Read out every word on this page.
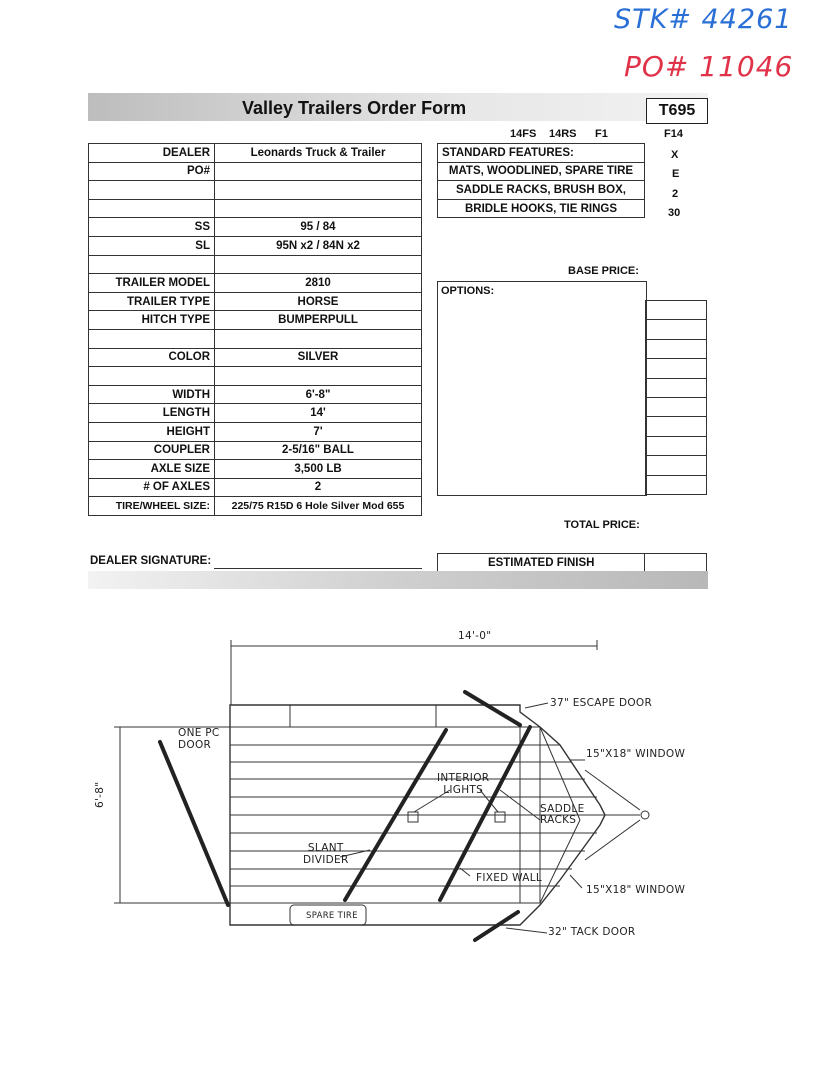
STK# 44261
PO# 11046
Valley Trailers Order Form	T695
14FS 14RS F1	F14
DEALER	Leonards Truck & Trailer
PO#	

SS	95 / 84
SL	95N x2 / 84N x2

TRAILER MODEL	2810
TRAILER TYPE	HORSE
HITCH TYPE	BUMPERPULL

COLOR	SILVER

WIDTH	6'-8"
LENGTH	14'
HEIGHT	7'
COUPLER	2-5/16" BALL
AXLE SIZE	3,500 LB
# OF AXLES	2
TIRE/WHEEL SIZE:	225/75 R15D 6 Hole Silver Mod 655
DEALER SIGNATURE:
STANDARD FEATURES:
MATS, WOODLINED, SPARE TIRE
SADDLE RACKS, BRUSH BOX,
BRIDLE HOOKS, TIE RINGS
X
E
2
30
BASE PRICE:
OPTIONS:

TOTAL PRICE:
ESTIMATED FINISH	
14'-0"
6'-8"
37" ESCAPE DOOR
15"X18" WINDOW
15"X18" WINDOW
ONE PC
DOOR
INTERIOR
LIGHTS
SADDLE
RACKS
SLANT
DIVIDER
FIXED WALL
SPARE TIRE
32" TACK DOOR
